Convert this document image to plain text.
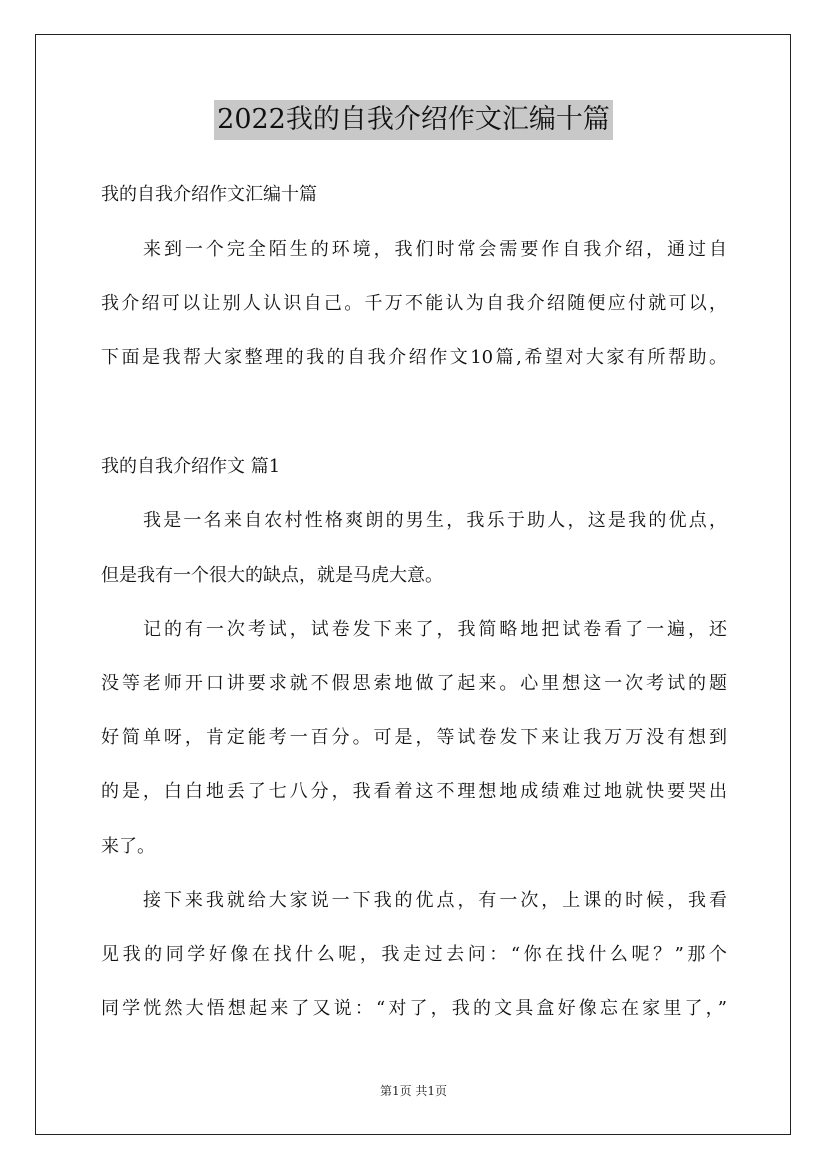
2022我的自我介绍作文汇编十篇
我的自我介绍作文汇编十篇
来到一个完全陌生的环境，我们时常会需要作自我介绍，通过自
我介绍可以让别人认识自己。千万不能认为自我介绍随便应付就可以，
下面是我帮大家整理的我的自我介绍作文10篇,希望对大家有所帮助。
我的自我介绍作文 篇1
我是一名来自农村性格爽朗的男生，我乐于助人，这是我的优点，
但是我有一个很大的缺点，就是马虎大意。
记的有一次考试，试卷发下来了，我简略地把试卷看了一遍，还
没等老师开口讲要求就不假思索地做了起来。心里想这一次考试的题
好简单呀，肯定能考一百分。可是，等试卷发下来让我万万没有想到
的是，白白地丢了七八分，我看着这不理想地成绩难过地就快要哭出
来了。
接下来我就给大家说一下我的优点，有一次，上课的时候，我看
见我的同学好像在找什么呢，我走过去问：“你在找什么呢？”那个
同学恍然大悟想起来了又说：“对了，我的文具盒好像忘在家里了，”
第1页 共1页
